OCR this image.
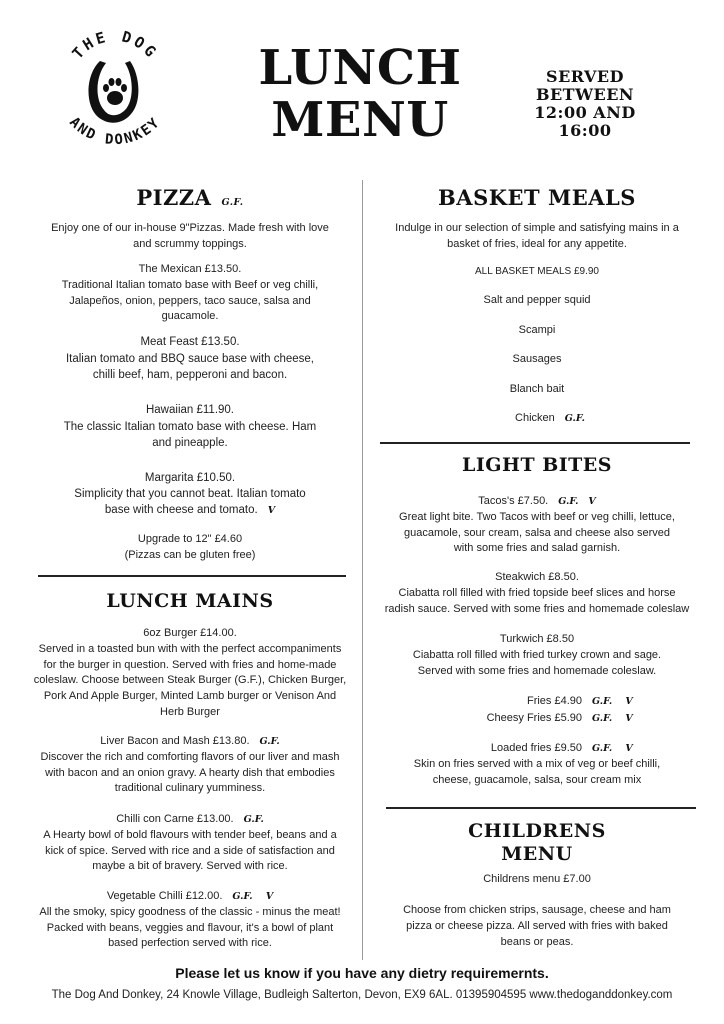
THE DOG
AND DONKEY
LUNCH
MENU
SERVED
BETWEEN
12:00 AND 16:00
PIZZA G.F.
Enjoy one of our in-house 9"Pizzas. Made fresh with love
and scrummy toppings.
The Mexican £13.50.
Traditional Italian tomato base with Beef or veg chilli,
Jalapeños, onion, peppers, taco sauce, salsa and
guacamole.
Meat Feast £13.50.
Italian tomato and BBQ sauce base with cheese,
chilli beef, ham, pepperoni and bacon.
Hawaiian £11.90.
The classic Italian tomato base with cheese. Ham
and pineapple.
Margarita £10.50.
Simplicity that you cannot beat. Italian tomato
base with cheese and tomato. V
Upgrade to 12" £4.60
(Pizzas can be gluten free)
LUNCH MAINS
6oz Burger £14.00.
Served in a toasted bun with with the perfect accompaniments
for the burger in question. Served with fries and home-made
coleslaw. Choose between Steak Burger (G.F.), Chicken Burger,
Pork And Apple Burger, Minted Lamb burger or Venison And
Herb Burger
Liver Bacon and Mash £13.80. G.F.
Discover the rich and comforting flavors of our liver and mash
with bacon and an onion gravy. A hearty dish that embodies
traditional culinary yumminess.
Chilli con Carne £13.00. G.F.
A Hearty bowl of bold flavours with tender beef, beans and a
kick of spice. Served with rice and a side of satisfaction and
maybe a bit of bravery. Served with rice.
Vegetable Chilli £12.00. G.F.    V
All the smoky, spicy goodness of the classic - minus the meat!
Packed with beans, veggies and flavour, it's a bowl of plant
based perfection served with rice.
BASKET MEALS
Indulge in our selection of simple and satisfying mains in a
basket of fries, ideal for any appetite.
ALL BASKET MEALS £9.90
Salt and pepper squid
Scampi
Sausages
Blanch bait
Chicken G.F.
LIGHT BITES
Tacos's £7.50. G.F.   V
Great light bite. Two Tacos with beef or veg chilli, lettuce,
guacamole, sour cream, salsa and cheese also served
with some fries and salad garnish.
Steakwich £8.50.
Ciabatta roll filled with fried topside beef slices and horse
radish sauce. Served with some fries and homemade coleslaw
Turkwich £8.50
Ciabatta roll filled with fried turkey crown and sage.
Served with some fries and homemade coleslaw.
Fries £4.90 G.F.    V
Cheesy Fries £5.90 G.F.    V
Loaded fries £9.50 G.F.    V
Skin on fries served with a mix of veg or beef chilli,
cheese, guacamole, salsa, sour cream mix
CHILDRENS
MENU
Childrens menu £7.00
Choose from chicken strips, sausage, cheese and ham
pizza or cheese pizza. All served with fries with baked
beans or peas.
Please let us know if you have any dietry requiremernts.
The Dog And Donkey, 24 Knowle Village, Budleigh Salterton, Devon, EX9 6AL. 01395904595 www.thedoganddonkey.com
